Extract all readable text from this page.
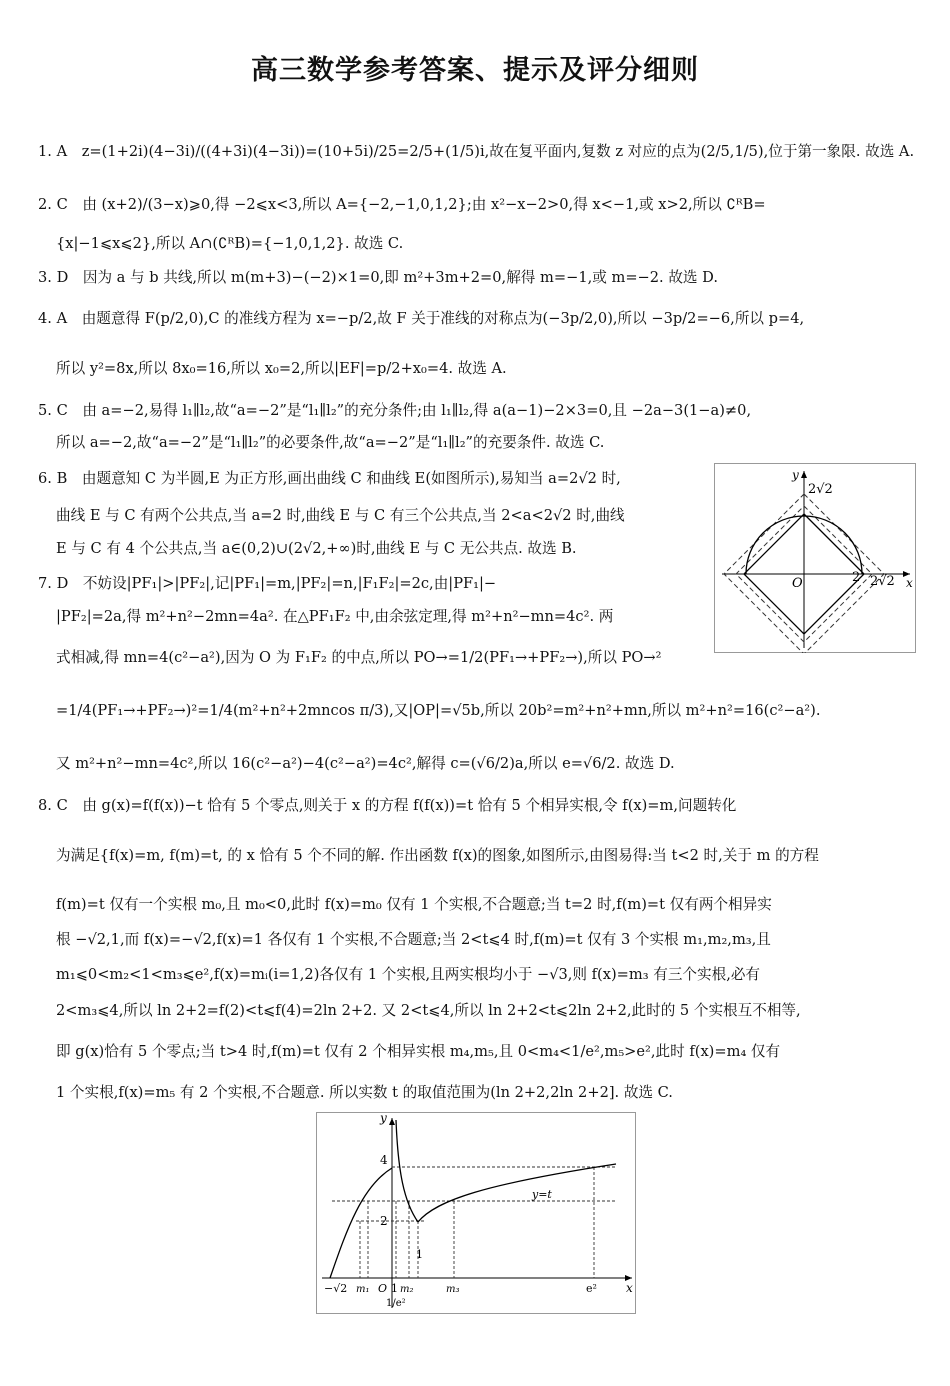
高三数学参考答案、提示及评分细则
1. A　z=(1+2i)(4−3i)/((4+3i)(4−3i))=(10+5i)/25=2/5+(1/5)i,故在复平面内,复数 z 对应的点为(2/5,1/5),位于第一象限. 故选 A.
2. C　由 (x+2)/(3−x)⩾0,得 −2⩽x<3,所以 A={−2,−1,0,1,2};由 x²−x−2>0,得 x<−1,或 x>2,所以 ∁ᴿB=
{x|−1⩽x⩽2},所以 A∩(∁ᴿB)={−1,0,1,2}. 故选 C.
3. D　因为 a 与 b 共线,所以 m(m+3)−(−2)×1=0,即 m²+3m+2=0,解得 m=−1,或 m=−2. 故选 D.
4. A　由题意得 F(p/2,0),C 的准线方程为 x=−p/2,故 F 关于准线的对称点为(−3p/2,0),所以 −3p/2=−6,所以 p=4,
所以 y²=8x,所以 8x₀=16,所以 x₀=2,所以|EF|=p/2+x₀=4. 故选 A.
5. C　由 a=−2,易得 l₁∥l₂,故“a=−2”是“l₁∥l₂”的充分条件;由 l₁∥l₂,得 a(a−1)−2×3=0,且 −2a−3(1−a)≠0,
所以 a=−2,故“a=−2”是“l₁∥l₂”的必要条件,故“a=−2”是“l₁∥l₂”的充要条件. 故选 C.
6. B　由题意知 C 为半圆,E 为正方形,画出曲线 C 和曲线 E(如图所示),易知当 a=2√2 时,
曲线 E 与 C 有两个公共点,当 a=2 时,曲线 E 与 C 有三个公共点,当 2<a<2√2 时,曲线
E 与 C 有 4 个公共点,当 a∈(0,2)∪(2√2,+∞)时,曲线 E 与 C 无公共点. 故选 B.
7. D　不妨设|PF₁|>|PF₂|,记|PF₁|=m,|PF₂|=n,|F₁F₂|=2c,由|PF₁|−
|PF₂|=2a,得 m²+n²−2mn=4a². 在△PF₁F₂ 中,由余弦定理,得 m²+n²−mn=4c². 两
式相减,得 mn=4(c²−a²),因为 O 为 F₁F₂ 的中点,所以 PO→=1/2(PF₁→+PF₂→),所以 PO→²
=1/4(PF₁→+PF₂→)²=1/4(m²+n²+2mncos π/3),又|OP|=√5b,所以 20b²=m²+n²+mn,所以 m²+n²=16(c²−a²).
又 m²+n²−mn=4c²,所以 16(c²−a²)−4(c²−a²)=4c²,解得 c=(√6/2)a,所以 e=√6/2. 故选 D.
8. C　由 g(x)=f(f(x))−t 恰有 5 个零点,则关于 x 的方程 f(f(x))=t 恰有 5 个相异实根,令 f(x)=m,问题转化
为满足{f(x)=m, f(m)=t, 的 x 恰有 5 个不同的解. 作出函数 f(x)的图象,如图所示,由图易得:当 t<2 时,关于 m 的方程
f(m)=t 仅有一个实根 m₀,且 m₀<0,此时 f(x)=m₀ 仅有 1 个实根,不合题意;当 t=2 时,f(m)=t 仅有两个相异实
根 −√2,1,而 f(x)=−√2,f(x)=1 各仅有 1 个实根,不合题意;当 2<t⩽4 时,f(m)=t 仅有 3 个实根 m₁,m₂,m₃,且
m₁⩽0<m₂<1<m₃⩽e²,f(x)=mᵢ(i=1,2)各仅有 1 个实根,且两实根均小于 −√3,则 f(x)=m₃ 有三个实根,必有
2<m₃⩽4,所以 ln 2+2=f(2)<t⩽f(4)=2ln 2+2. 又 2<t⩽4,所以 ln 2+2<t⩽2ln 2+2,此时的 5 个实根互不相等,
即 g(x)恰有 5 个零点;当 t>4 时,f(m)=t 仅有 2 个相异实根 m₄,m₅,且 0<m₄<1/e²,m₅>e²,此时 f(x)=m₄ 仅有
1 个实根,f(x)=m₅ 有 2 个实根,不合题意. 所以实数 t 的取值范围为(ln 2+2,2ln 2+2]. 故选 C.
2√2
y
x
O	2 2√2
y
x
4
2
y=t
1
−√2 m₁ O 1 m₂	m₃
1/e²
e²
